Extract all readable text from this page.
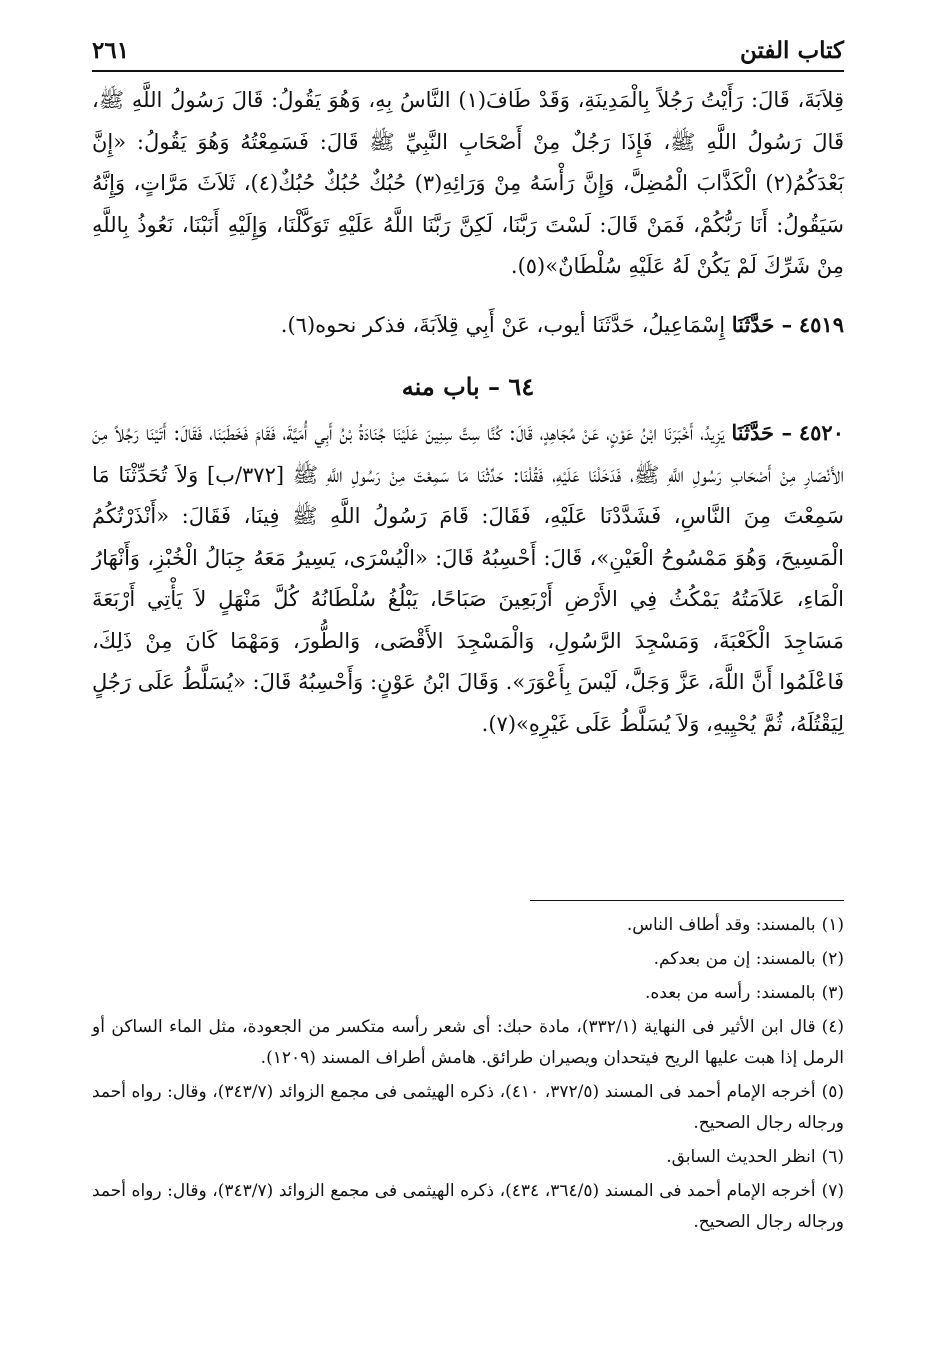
كتاب الفتن
٢٦١

قِلاَبَةَ، قَالَ: رَأَيْتُ رَجُلاً بِالْمَدِينَةِ، وَقَدْ طَافَ(١) النَّاسُ بِهِ، وَهُوَ يَقُولُ: قَالَ رَسُولُ اللَّهِ ﷺ، قَالَ رَسُولُ اللَّهِ ﷺ، فَإِذَا رَجُلٌ مِنْ أَصْحَابِ النَّبِيِّ ﷺ قَالَ: فَسَمِعْتُهُ وَهُوَ يَقُولُ: «إِنَّ بَعْدَكُمُ(٢) الْكَذَّابَ الْمُضِلَّ، وَإِنَّ رَأْسَهُ مِنْ وَرَائِهِ(٣) حُبُكٌ حُبُكٌ حُبُكٌ(٤)، ثَلاَثَ مَرَّاتٍ، وَإِنَّهُ سَيَقُولُ: أَنَا رَبُّكُمْ، فَمَنْ قَالَ: لَسْتَ رَبَّنَا، لَكِنَّ رَبَّنَا اللَّهُ عَلَيْهِ تَوَكَّلْنَا، وَإِلَيْهِ أَنَبْنَا، نَعُوذُ بِاللَّهِ مِنْ شَرِّكَ لَمْ يَكُنْ لَهُ عَلَيْهِ سُلْطَانٌ»(٥).

٤٥١٩ – حَدَّثَنَا إِسْمَاعِيلُ، حَدَّثَنَا أيوب، عَنْ أَبِي قِلاَبَةَ، فذكر نحوه(٦).

٦٤ – باب منه

٤٥٢٠ – حَدَّثَنَا يَزِيدُ، أَخْبَرَنَا ابْنُ عَوْنٍ، عَنْ مُجَاهِدٍ، قَالَ: كُنَّا سِتَّ سِنِينَ عَلَيْنَا جُنَادَةُ بْنُ أَبِي أُمَيَّةَ، فَقَامَ فَخَطَبَنَا، فَقَالَ: أَتَيْنَا رَجُلاً مِنَ الأَنْصَارِ مِنْ أَصْحَابِ رَسُولِ اللَّهِ ﷺ، فَدَخَلْنَا عَلَيْهِ، فَقُلْنَا: حَدِّثْنَا مَا سَمِعْتَ مِنْ رَسُولِ اللَّهِ ﷺ [٣٧٢/ب] وَلاَ تُحَدِّثْنَا مَا سَمِعْتَ مِنَ النَّاسِ، فَشَدَّدْنَا عَلَيْهِ، فَقَالَ: قَامَ رَسُولُ اللَّهِ ﷺ فِينَا، فَقَالَ: «أَنْذَرْتُكُمُ الْمَسِيحَ، وَهُوَ مَمْسُوحُ الْعَيْنِ»، قَالَ: أَحْسِبُهُ قَالَ: «الْيُسْرَى، يَسِيرُ مَعَهُ جِبَالُ الْخُبْزِ، وَأَنْهَارُ الْمَاءِ، عَلاَمَتُهُ يَمْكُثُ فِي الأَرْضِ أَرْبَعِينَ صَبَاحًا، يَبْلُغُ سُلْطَانُهُ كُلَّ مَنْهَلٍ لاَ يَأْتِي أَرْبَعَةَ مَسَاجِدَ الْكَعْبَةَ، وَمَسْجِدَ الرَّسُولِ، وَالْمَسْجِدَ الأَقْصَى، وَالطُّورَ، وَمَهْمَا كَانَ مِنْ ذَلِكَ، فَاعْلَمُوا أَنَّ اللَّهَ، عَزَّ وَجَلَّ، لَيْسَ بِأَعْوَرَ». وَقَالَ ابْنُ عَوْنٍ: وَأَحْسِبُهُ قَالَ: «يُسَلَّطُ عَلَى رَجُلٍ لِيَقْتُلَهُ، ثُمَّ يُحْيِيهِ، وَلاَ يُسَلَّطُ عَلَى غَيْرِهِ»(٧).

(١)بالمسند: وقد أطاف الناس.

(٢)بالمسند: إن من بعدكم.

(٣)بالمسند: رأسه من بعده.

(٤)قال ابن الأثير فى النهاية (٣٣٢/١)، مادة حبك: أى شعر رأسه متكسر من الجعودة، مثل الماء الساكن أو الرمل إذا هبت عليها الريح فيتحدان ويصيران طرائق. هامش أطراف المسند (١٢٠٩).

(٥)أخرجه الإمام أحمد فى المسند (٣٧٢/٥، ٤١٠)، ذكره الهيثمى فى مجمع الزوائد (٣٤٣/٧)، وقال: رواه أحمد ورجاله رجال الصحيح.

(٦)انظر الحديث السابق.

(٧)أخرجه الإمام أحمد فى المسند (٣٦٤/٥، ٤٣٤)، ذكره الهيثمى فى مجمع الزوائد (٣٤٣/٧)، وقال: رواه أحمد ورجاله رجال الصحيح.
